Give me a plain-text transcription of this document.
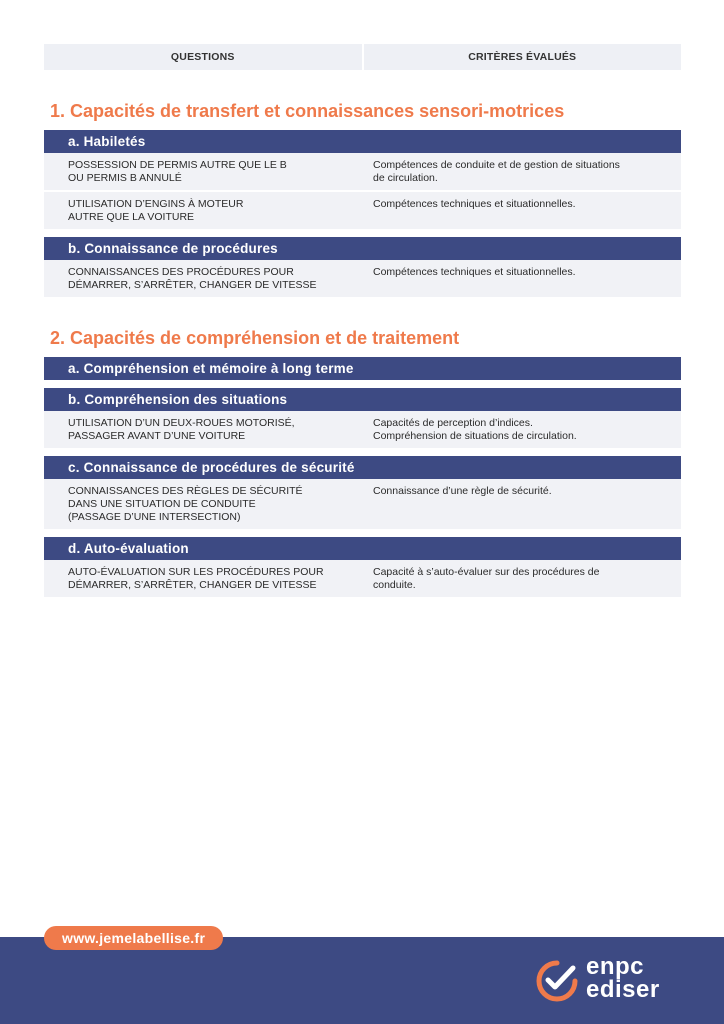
QUESTIONS	CRITÈRES ÉVALUÉS
1. Capacités de transfert et connaissances sensori-motrices
a. Habiletés
POSSESSION DE PERMIS AUTRE QUE LE B
OU PERMIS B ANNULÉ
Compétences de conduite et de gestion de situations
de circulation.
UTILISATION D’ENGINS À MOTEUR
AUTRE QUE LA VOITURE
Compétences techniques et situationnelles.
b. Connaissance de procédures
CONNAISSANCES DES PROCÉDURES POUR
DÉMARRER, S’ARRÊTER, CHANGER DE VITESSE
Compétences techniques et situationnelles.
2. Capacités de compréhension et de traitement
a. Compréhension et mémoire à long terme
b. Compréhension des situations
UTILISATION D’UN DEUX-ROUES MOTORISÉ,
PASSAGER AVANT D’UNE VOITURE
Capacités de perception d’indices.
Compréhension de situations de circulation.
c. Connaissance de procédures de sécurité
CONNAISSANCES DES RÈGLES DE SÉCURITÉ
DANS UNE SITUATION DE CONDUITE
(PASSAGE D’UNE INTERSECTION)
Connaissance d’une règle de sécurité.
d. Auto-évaluation
AUTO-ÉVALUATION SUR LES PROCÉDURES POUR
DÉMARRER, S’ARRÊTER, CHANGER DE VITESSE
Capacité à s’auto-évaluer sur des procédures de
conduite.
www.jemelabellise.fr
enpc
ediser
